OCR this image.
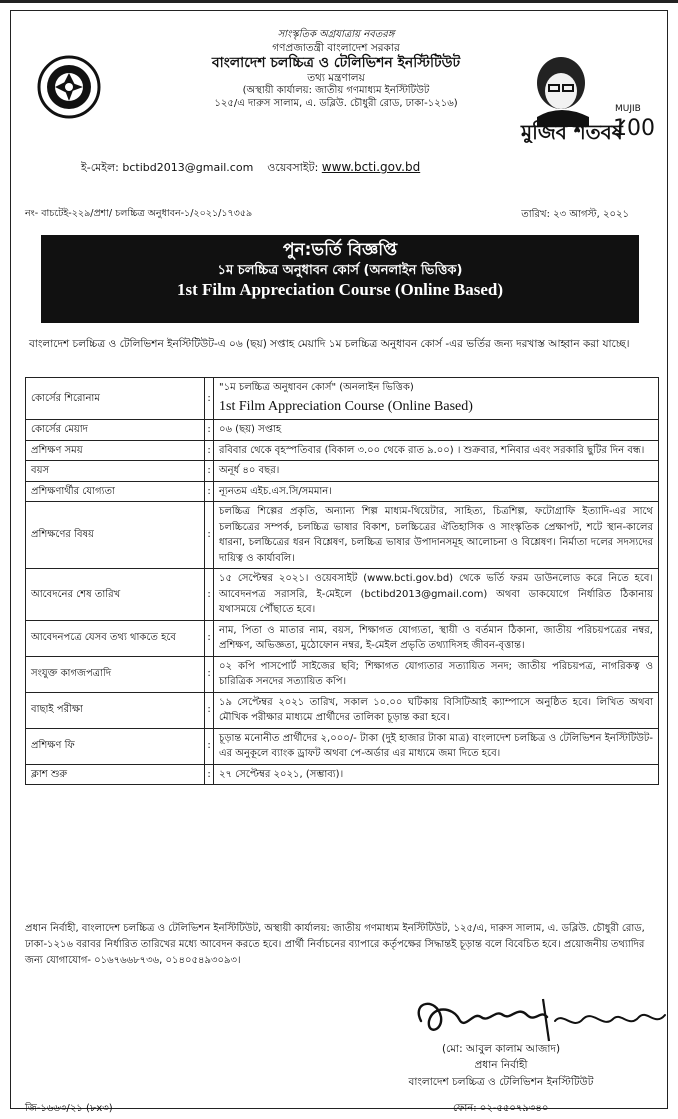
সাংস্কৃতিক অগ্রযাত্রায় নবতরঙ্গ
গণপ্রজাতন্ত্রী বাংলাদেশ সরকার
বাংলাদেশ চলচ্চিত্র ও টেলিভিশন ইনস্টিটিউট
তথ্য মন্ত্রণালয়
(অস্থায়ী কার্যালয়: জাতীয় গণমাধ্যম ইনস্টিটিউট
১২৫/এ দারুস সালাম, এ. ডব্লিউ. চৌধুরী রোড, ঢাকা-১২১৬)
ই-মেইল: bctibd2013@gmail.com ওয়েবসাইট: www.bcti.gov.bd
মুজিব শতবর্ষ
MUJIB
100
নং- বাচটেই-২২৯/প্রশা/ চলচ্চিত্র অনুধাবন-১/২০২১/১৭৩৫৯	তারিখ: ২৩ আগস্ট, ২০২১
পুন:ভর্তি বিজ্ঞপ্তি
১ম চলচ্চিত্র অনুধাবন কোর্স (অনলাইন ভিত্তিক)
1st Film Appreciation Course (Online Based)
বাংলাদেশ চলচ্চিত্র ও টেলিভিশন ইনস্টিটিউট-এ ০৬ (ছয়) সপ্তাহ মেয়াদি ১ম চলচ্চিত্র অনুধাবন কোর্স -এর ভর্তির জন্য দরখাস্ত আহ্বান করা যাচ্ছে।
কোর্সের শিরোনাম	:	"১ম চলচ্চিত্র অনুধাবন কোর্স" (অনলাইন ভিত্তিক)
1st Film Appreciation Course (Online Based)

কোর্সের মেয়াদ	:	০৬ (ছয়) সপ্তাহ
প্রশিক্ষণ সময়	:	রবিবার থেকে বৃহস্পতিবার (বিকাল ৩.০০ থেকে রাত ৯.০০) । শুক্রবার, শনিবার এবং সরকারি ছুটির দিন বন্ধ।
বয়স	:	অনূর্ধ ৪০ বছর।
প্রশিক্ষণার্থীর যোগ্যতা	:	ন্যূনতম এইচ.এস.সি/সমমান।
প্রশিক্ষণের বিষয়	:	চলচ্চিত্র শিল্পের প্রকৃতি, অন্যান্য শিল্প মাধ্যম-থিয়েটার, সাহিত্য, চিত্রশিল্প, ফটোগ্রাফি ইত্যাদি-এর সাথে চলচ্চিত্রের সম্পর্ক, চলচ্চিত্র ভাষার বিকাশ, চলচ্চিত্রের ঐতিহাসিক ও সাংস্কৃতিক প্রেক্ষাপট, শটে স্থান-কালের ধারনা, চলচ্চিত্রের ধরন বিশ্লেষণ, চলচ্চিত্র ভাষার উপাদানসমূহ আলোচনা ও বিশ্লেষণ। নির্মাতা দলের সদস্যদের দায়িত্ব ও কার্যাবলি।
আবেদনের শেষ তারিখ	:	১৫ সেপ্টেম্বর ২০২১। ওয়েবসাইট (www.bcti.gov.bd) থেকে ভর্তি ফরম ডাউনলোড করে নিতে হবে। আবেদনপত্র সরাসরি, ই-মেইলে (bctibd2013@gmail.com) অথবা ডাকযোগে নির্ধারিত ঠিকানায় যথাসময়ে পৌঁছাতে হবে।
আবেদনপত্রে যেসব তথ্য থাকতে হবে	:	নাম, পিতা ও মাতার নাম, বয়স, শিক্ষাগত যোগ্যতা, স্থায়ী ও বর্তমান ঠিকানা, জাতীয় পরিচয়পত্রের নম্বর, প্রশিক্ষণ, অভিজ্ঞতা, মুঠোফোন নম্বর, ই-মেইল প্রভৃতি তথ্যাদিসহ জীবন-বৃত্তান্ত।
সংযুক্ত কাগজপত্রাদি	:	০২ কপি পাসপোর্ট সাইজের ছবি; শিক্ষাগত যোগ্যতার সত্যায়িত সনদ; জাতীয় পরিচয়পত্র, নাগরিকত্ব ও চারিত্রিক সনদের সত্যায়িত কপি।
বাছাই পরীক্ষা	:	১৯ সেপ্টেম্বর ২০২১ তারিখ, সকাল ১০.০০ ঘটিকায় বিসিটিআই ক্যাম্পাসে অনুষ্ঠিত হবে। লিখিত অথবা মৌখিক পরীক্ষার মাধ্যমে প্রার্থীদের তালিকা চূড়ান্ত করা হবে।
প্রশিক্ষণ ফি	:	চূড়ান্ত মনোনীত প্রার্থীদের ২,০০০/- টাকা (দুই হাজার টাকা মাত্র) বাংলাদেশ চলচ্চিত্র ও টেলিভিশন ইনস্টিটিউট-এর অনুকূলে ব্যাংক ড্রাফট অথবা পে-অর্ডার এর মাধ্যমে জমা দিতে হবে।
ক্লাশ শুরু	:	২৭ সেপ্টেম্বর ২০২১, (সম্ভাব্য)।
প্রধান নির্বাহী, বাংলাদেশ চলচ্চিত্র ও টেলিভিশন ইনস্টিটিউট, অস্থায়ী কার্যালয়: জাতীয় গণমাধ্যম ইনস্টিটিউট, ১২৫/এ, দারুস সালাম, এ. ডব্লিউ. চৌধুরী রোড, ঢাকা-১২১৬ বরাবর নির্ধারিত তারিখের মধ্যে আবেদন করতে হবে। প্রার্থী নির্বাচনের ব্যাপারে কর্তৃপক্ষের সিদ্ধান্তই চূড়ান্ত বলে বিবেচিত হবে। প্রয়োজনীয় তথ্যাদির জন্য যোগাযোগ- ০১৬৭৬৬৮৭৩৬, ০১৪০৫৪৯৩০৯৩।
(মো: আবুল কালাম আজাদ)
প্রধান নির্বাহী
বাংলাদেশ চলচ্চিত্র ও টেলিভিশন ইনস্টিটিউট
জি-১৬৬৩/২১ (৮x৩)	ফোন: ০২-৫৫০৭৯৩৪০
